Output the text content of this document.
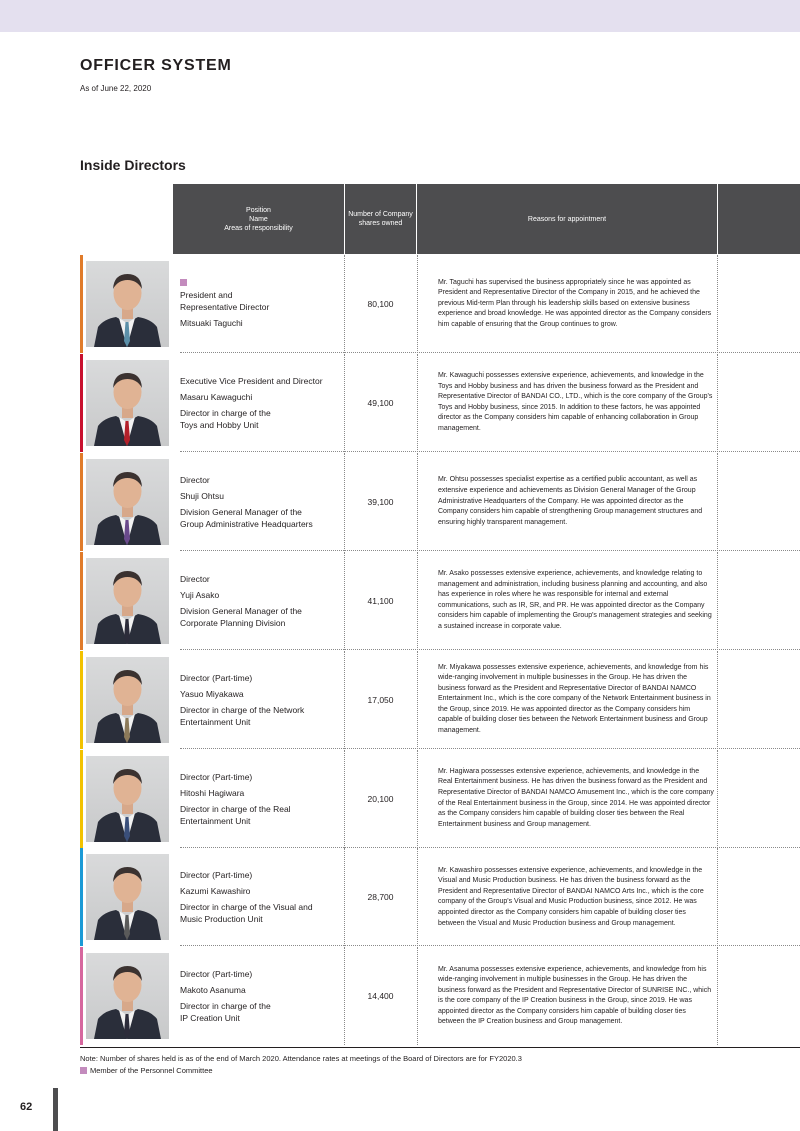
OFFICER SYSTEM
As of June 22, 2020
Inside Directors
Position
Name
Areas of responsibility
Number of Company shares owned
Reasons for appointment
President and
Representative Director
Mitsuaki Taguchi
80,100
Mr. Taguchi has supervised the business appropriately since he was appointed as President and Representative Director of the Company in 2015, and he achieved the previous Mid-term Plan through his leadership skills based on extensive business experience and broad knowledge. He was appointed director as the Company considers him capable of ensuring that the Group continues to grow.
Executive Vice President and Director
Masaru Kawaguchi
Director in charge of the
Toys and Hobby Unit
49,100
Mr. Kawaguchi possesses extensive experience, achievements, and knowledge in the Toys and Hobby business and has driven the business forward as the President and Representative Director of BANDAI CO., LTD., which is the core company of the Group's Toys and Hobby business, since 2015. In addition to these factors, he was appointed director as the Company considers him capable of enhancing collaboration in Group management.
Director
Shuji Ohtsu
Division General Manager of the
Group Administrative Headquarters
39,100
Mr. Ohtsu possesses specialist expertise as a certified public accountant, as well as extensive experience and achievements as Division General Manager of the Group Administrative Headquarters of the Company. He was appointed director as the Company considers him capable of strengthening Group management structures and ensuring highly transparent management.
Director
Yuji Asako
Division General Manager of the
Corporate Planning Division
41,100
Mr. Asako possesses extensive experience, achievements, and knowledge relating to management and administration, including business planning and accounting, and also has experience in roles where he was responsible for internal and external communications, such as IR, SR, and PR. He was appointed director as the Company considers him capable of implementing the Group's management strategies and seeking a sustained increase in corporate value.
Director (Part-time)
Yasuo Miyakawa
Director in charge of the Network
Entertainment Unit
17,050
Mr. Miyakawa possesses extensive experience, achievements, and knowledge from his wide-ranging involvement in multiple businesses in the Group. He has driven the business forward as the President and Representative Director of BANDAI NAMCO Entertainment Inc., which is the core company of the Network Entertainment business in the Group, since 2019. He was appointed director as the Company considers him capable of building closer ties between the Network Entertainment business and Group management.
Director (Part-time)
Hitoshi Hagiwara
Director in charge of the Real
Entertainment Unit
20,100
Mr. Hagiwara possesses extensive experience, achievements, and knowledge in the Real Entertainment business. He has driven the business forward as the President and Representative Director of BANDAI NAMCO Amusement Inc., which is the core company of the Real Entertainment business in the Group, since 2014. He was appointed director as the Company considers him capable of building closer ties between the Real Entertainment business and Group management.
Director (Part-time)
Kazumi Kawashiro
Director in charge of the Visual and
Music Production Unit
28,700
Mr. Kawashiro possesses extensive experience, achievements, and knowledge in the Visual and Music Production business. He has driven the business forward as the President and Representative Director of BANDAI NAMCO Arts Inc., which is the core company of the Group's Visual and Music Production business, since 2012. He was appointed director as the Company considers him capable of building closer ties between the Visual and Music Production business and Group management.
Director (Part-time)
Makoto Asanuma
Director in charge of the
IP Creation Unit
14,400
Mr. Asanuma possesses extensive experience, achievements, and knowledge from his wide-ranging involvement in multiple businesses in the Group. He has driven the business forward as the President and Representative Director of SUNRISE INC., which is the core company of the IP Creation business in the Group, since 2019. He was appointed director as the Company considers him capable of building closer ties between the IP Creation business and Group management.
Note: Number of shares held is as of the end of March 2020. Attendance rates at meetings of the Board of Directors are for FY2020.3
Member of the Personnel Committee
62
